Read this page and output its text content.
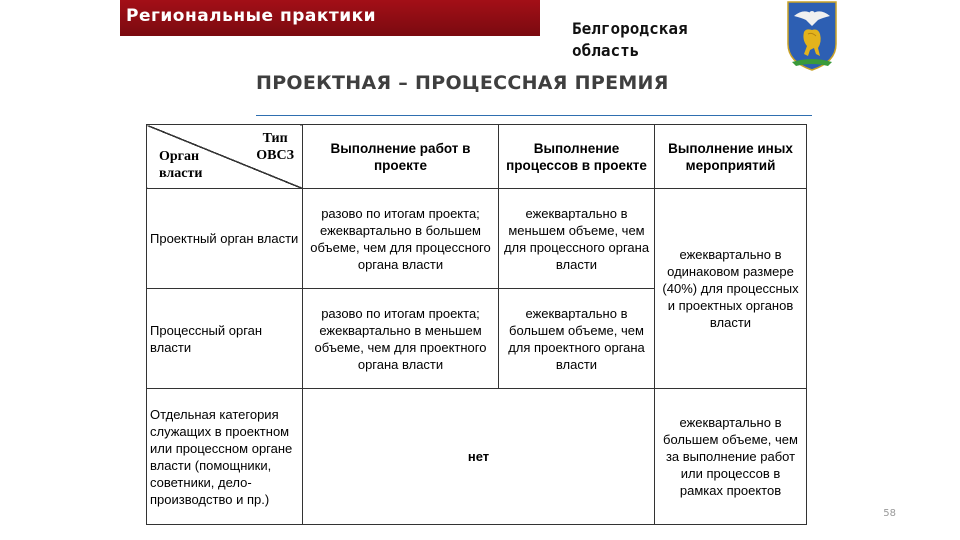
Региональные практики
Белгородская
область
ПРОЕКТНАЯ – ПРОЦЕССНАЯ ПРЕМИЯ
Тип
ОВСЗ
Орган
власти	Выполнение работ в проекте	Выполнение процессов в проекте	Выполнение иных мероприятий
Проектный орган власти	разово по итогам проекта; ежеквартально в большем объеме, чем для процессного органа власти	ежеквартально в меньшем объеме, чем для процессного органа власти	ежеквартально в одинаковом размере (40%) для процессных и проектных органов власти
Процессный орган власти	разово по итогам проекта; ежеквартально в меньшем объеме, чем для проектного органа власти	ежеквартально в большем объеме, чем для проектного органа власти	
Отдельная категория служащих в проектном или процессном органе власти (помощники, советники, дело-производство и пр.)	нет		ежеквартально в большем объеме, чем за выполнение работ или процессов в рамках проектов
58
